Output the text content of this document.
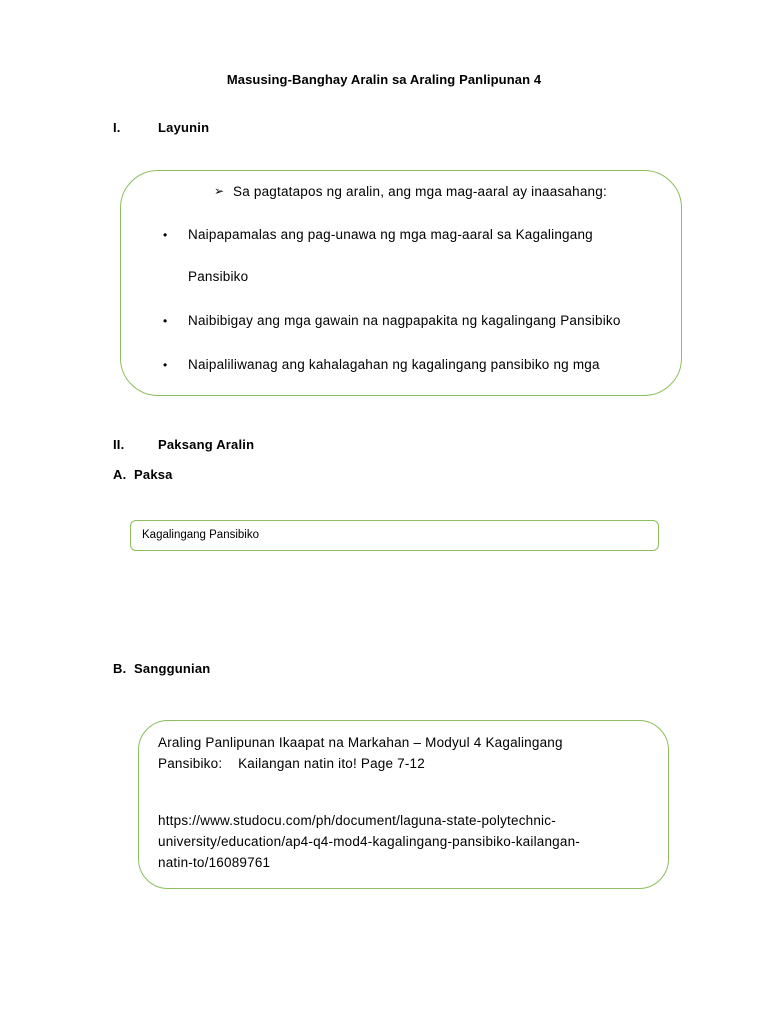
Masusing-Banghay Aralin sa Araling Panlipunan 4
I.	Layunin
➢ Sa pagtatapos ng aralin, ang mga mag-aaral ay inaasahang:
• Naipapamalas ang pag-unawa ng mga mag-aaral sa Kagalingang
Pansibiko
• Naibibigay ang mga gawain na nagpapakita ng kagalingang Pansibiko
• Naipaliliwanag ang kahalagahan ng kagalingang pansibiko ng mga
II.	Paksang Aralin
A.  Paksa
Kagalingang Pansibiko
B.  Sanggunian
Araling Panlipunan Ikaapat na Markahan – Modyul 4 Kagalingang
Pansibiko:    Kailangan natin ito! Page 7-12
https://www.studocu.com/ph/document/laguna-state-polytechnic-
university/education/ap4-q4-mod4-kagalingang-pansibiko-kailangan-
natin-to/16089761
